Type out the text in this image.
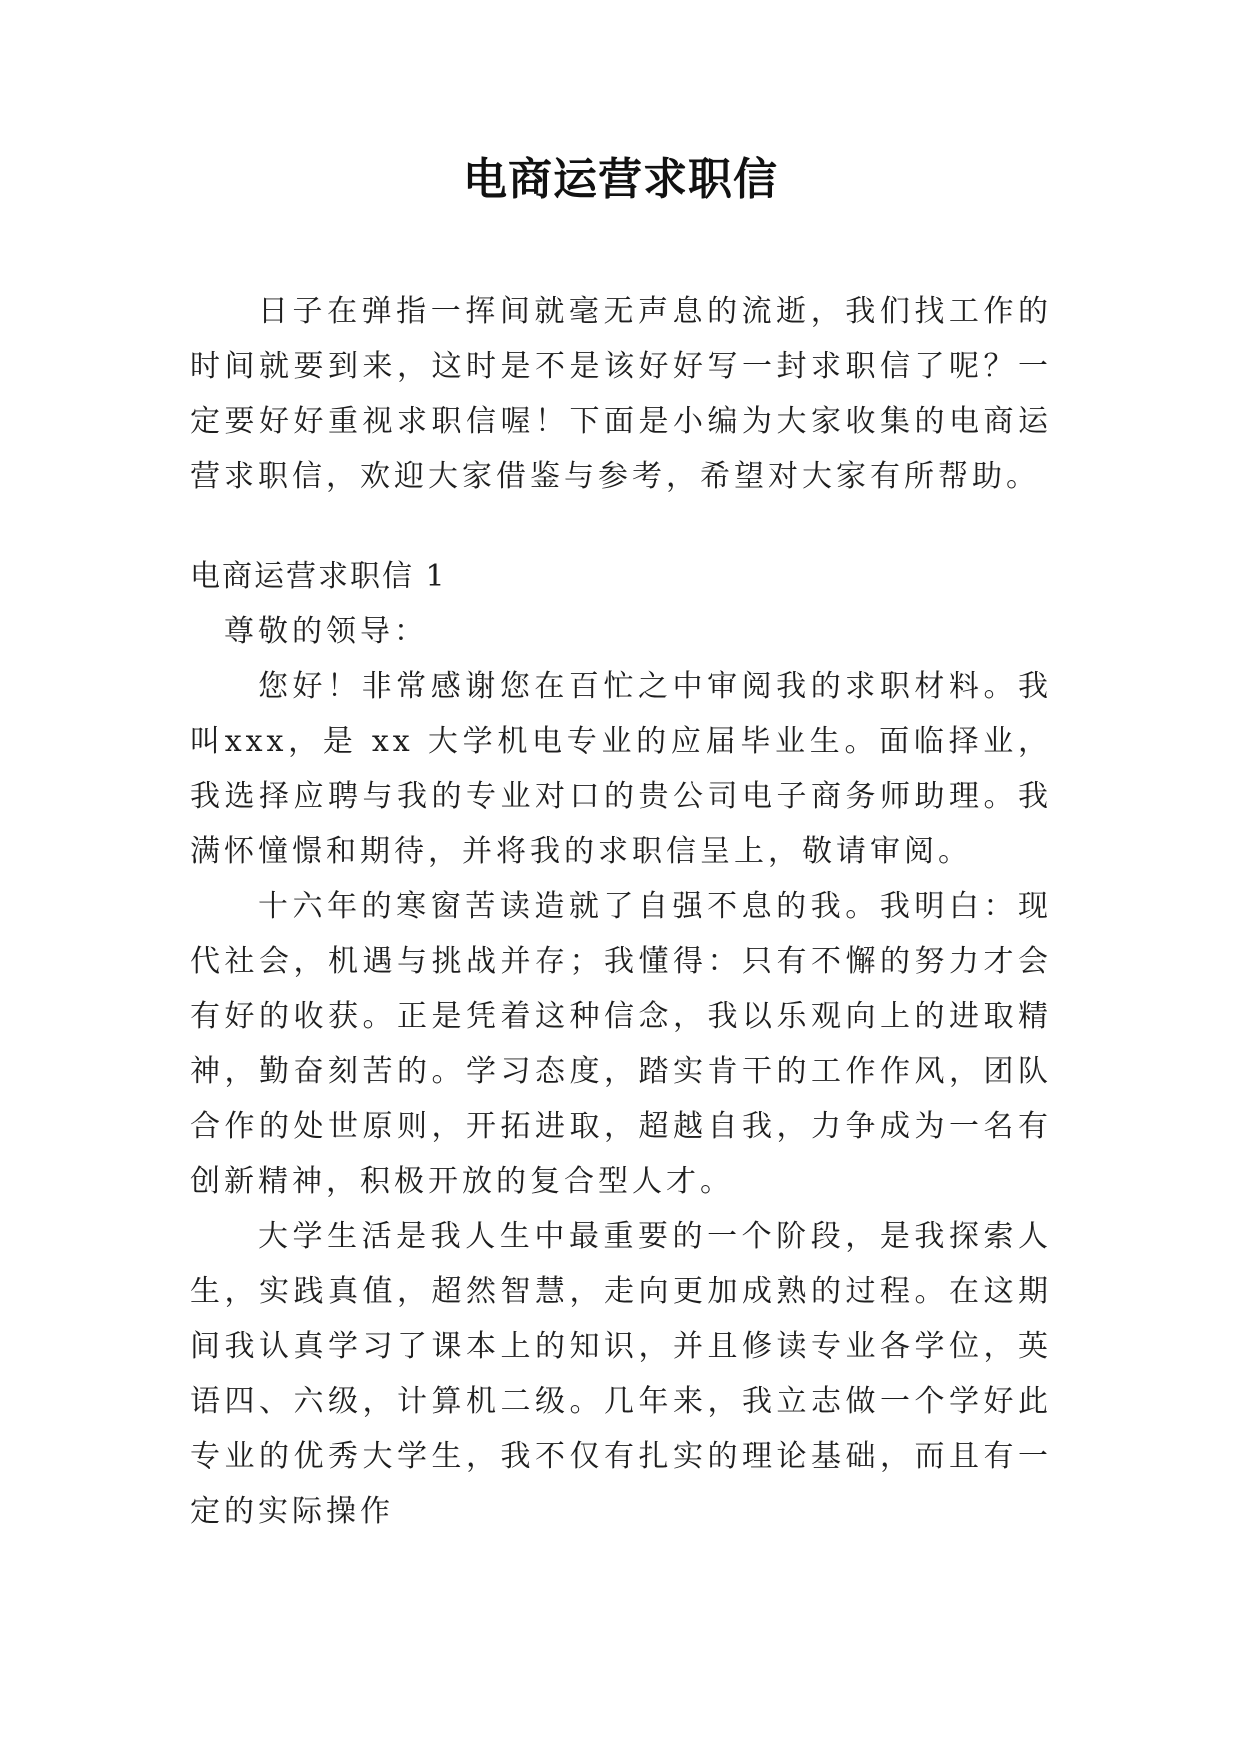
电商运营求职信

日子在弹指一挥间就毫无声息的流逝，我们找工作的时间就要到来，这时是不是该好好写一封求职信了呢？一定要好好重视求职信喔！下面是小编为大家收集的电商运营求职信，欢迎大家借鉴与参考，希望对大家有所帮助。

电商运营求职信 1

尊敬的领导：

您好！非常感谢您在百忙之中审阅我的求职材料。我叫xxx，是 xx 大学机电专业的应届毕业生。面临择业，我选择应聘与我的专业对口的贵公司电子商务师助理。我满怀憧憬和期待，并将我的求职信呈上，敬请审阅。

十六年的寒窗苦读造就了自强不息的我。我明白：现代社会，机遇与挑战并存；我懂得：只有不懈的努力才会有好的收获。正是凭着这种信念，我以乐观向上的进取精神，勤奋刻苦的。学习态度，踏实肯干的工作作风，团队合作的处世原则，开拓进取，超越自我，力争成为一名有创新精神，积极开放的复合型人才。

大学生活是我人生中最重要的一个阶段，是我探索人生，实践真值，超然智慧，走向更加成熟的过程。在这期间我认真学习了课本上的知识，并且修读专业各学位，英语四、六级，计算机二级。几年来，我立志做一个学好此专业的优秀大学生，我不仅有扎实的理论基础，而且有一定的实际操作
